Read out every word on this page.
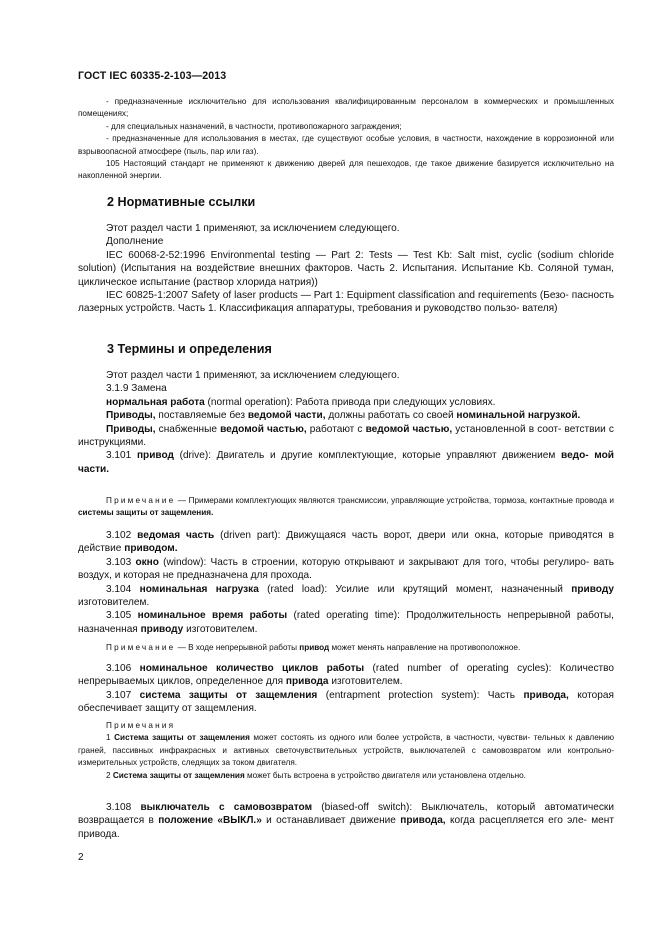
ГОСТ IEC 60335-2-103—2013

- предназначенные исключительно для использования квалифицированным персоналом в коммерческих и промышленных помещениях;

- для специальных назначений, в частности, противопожарного заграждения;

- предназначенные для использования в местах, где существуют особые условия, в частности, нахождение в коррозионной или взрывоопасной атмосфере (пыль, пар или газ).

105 Настоящий стандарт не применяют к движению дверей для пешеходов, где такое движение базируется исключительно на накопленной энергии.

2 Нормативные ссылки

Этот раздел части 1 применяют, за исключением следующего.

Дополнение

IEC 60068-2-52:1996 Environmental testing — Part 2: Tests — Test Kb: Salt mist, cyclic (sodium chloride solution) (Испытания на воздействие внешних факторов. Часть 2. Испытания. Испытание Kb. Соляной туман, циклическое испытание (раствор хлорида натрия))

IEC 60825-1:2007 Safety of laser products — Part 1: Equipment classification and requirements (Безо- пасность лазерных устройств. Часть 1. Классификация аппаратуры, требования и руководство пользо- вателя)

3 Термины и определения

Этот раздел части 1 применяют, за исключением следующего.

3.1.9 Замена

нормальная работа (normal operation): Работа привода при следующих условиях.

Приводы, поставляемые без ведомой части, должны работать со своей номинальной нагрузкой.

Приводы, снабженные ведомой частью, работают с ведомой частью, установленной в соот- ветствии с инструкциями.

3.101 привод (drive): Двигатель и другие комплектующие, которые управляют движением ведо- мой части.

Примечание — Примерами комплектующих являются трансмиссии, управляющие устройства, тормоза, контактные провода и системы защиты от защемления.

3.102 ведомая часть (driven part): Движущаяся часть ворот, двери или окна, которые приводятся в действие приводом.

3.103 окно (window): Часть в строении, которую открывают и закрывают для того, чтобы регулиро- вать воздух, и которая не предназначена для прохода.

3.104 номинальная нагрузка (rated load): Усилие или крутящий момент, назначенный приводу изготовителем.

3.105 номинальное время работы (rated operating time): Продолжительность непрерывной работы, назначенная приводу изготовителем.

Примечание — В ходе непрерывной работы привод может менять направление на противоположное.

3.106 номинальное количество циклов работы (rated number of operating cycles): Количество непрерывaемых циклов, определенное для привода изготовителем.

3.107 система защиты от защемления (entrapment protection system): Часть привода, которая обеспечивает защиту от защемления.

Примечания

1 Система защиты от защемления может состоять из одного или более устройств, в частности, чувстви- тельных к давлению граней, пассивных инфракрасных и активных светочувствительных устройств, выключателей с самовозвратом или контрольно-измерительных устройств, следящих за током двигателя.

2 Система защиты от защемления может быть встроена в устройство двигателя или установлена отдельно.

3.108 выключатель с самовозвратом (biased-off switch): Выключатель, который автоматически возвращается в положение «ВЫКЛ.» и останавливает движение привода, когда расцепляется его эле- мент привода.

2
